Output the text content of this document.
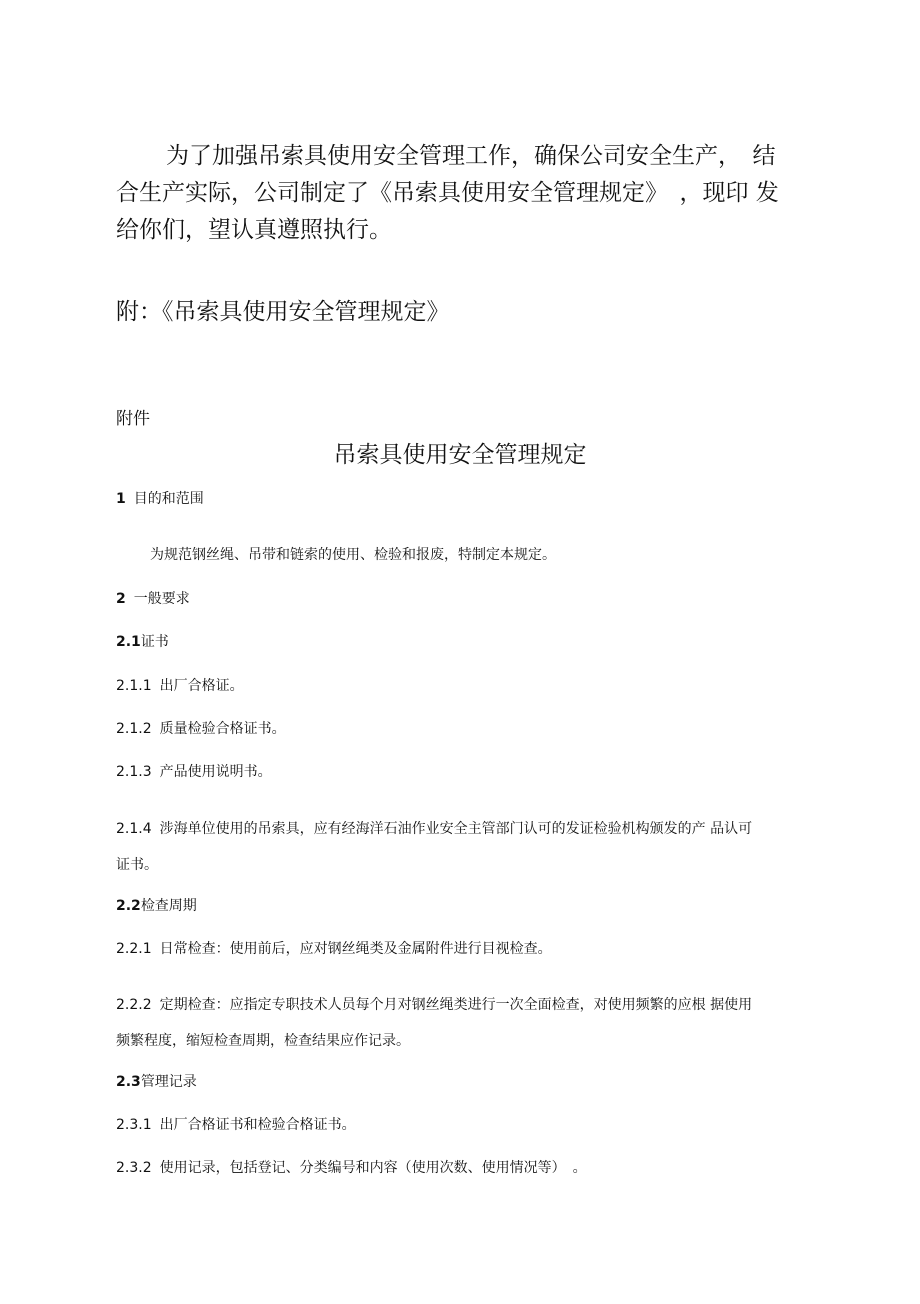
为了加强吊索具使用安全管理工作，确保公司安全生产，　结
合生产实际，公司制定了《吊索具使用安全管理规定》　，现印 发
给你们，望认真遵照执行。

附：《吊索具使用安全管理规定》

附件

吊索具使用安全管理规定

1 目的和范围

为规范钢丝绳、吊带和链索的使用、检验和报废，特制定本规定。

2 一般要求

2.1证书

2.1.1 出厂合格证。

2.1.2 质量检验合格证书。

2.1.3 产品使用说明书。

2.1.4 涉海单位使用的吊索具，应有经海洋石油作业安全主管部门认可的发证检验机构颁发的产 品认可
证书。

2.2检查周期

2.2.1 日常检查：使用前后，应对钢丝绳类及金属附件进行目视检查。

2.2.2 定期检查：应指定专职技术人员每个月对钢丝绳类进行一次全面检查，对使用频繁的应根 据使用
频繁程度，缩短检查周期，检查结果应作记录。

2.3管理记录

2.3.1 出厂合格证书和检验合格证书。

2.3.2 使用记录，包括登记、分类编号和内容（使用次数、使用情况等）　。
